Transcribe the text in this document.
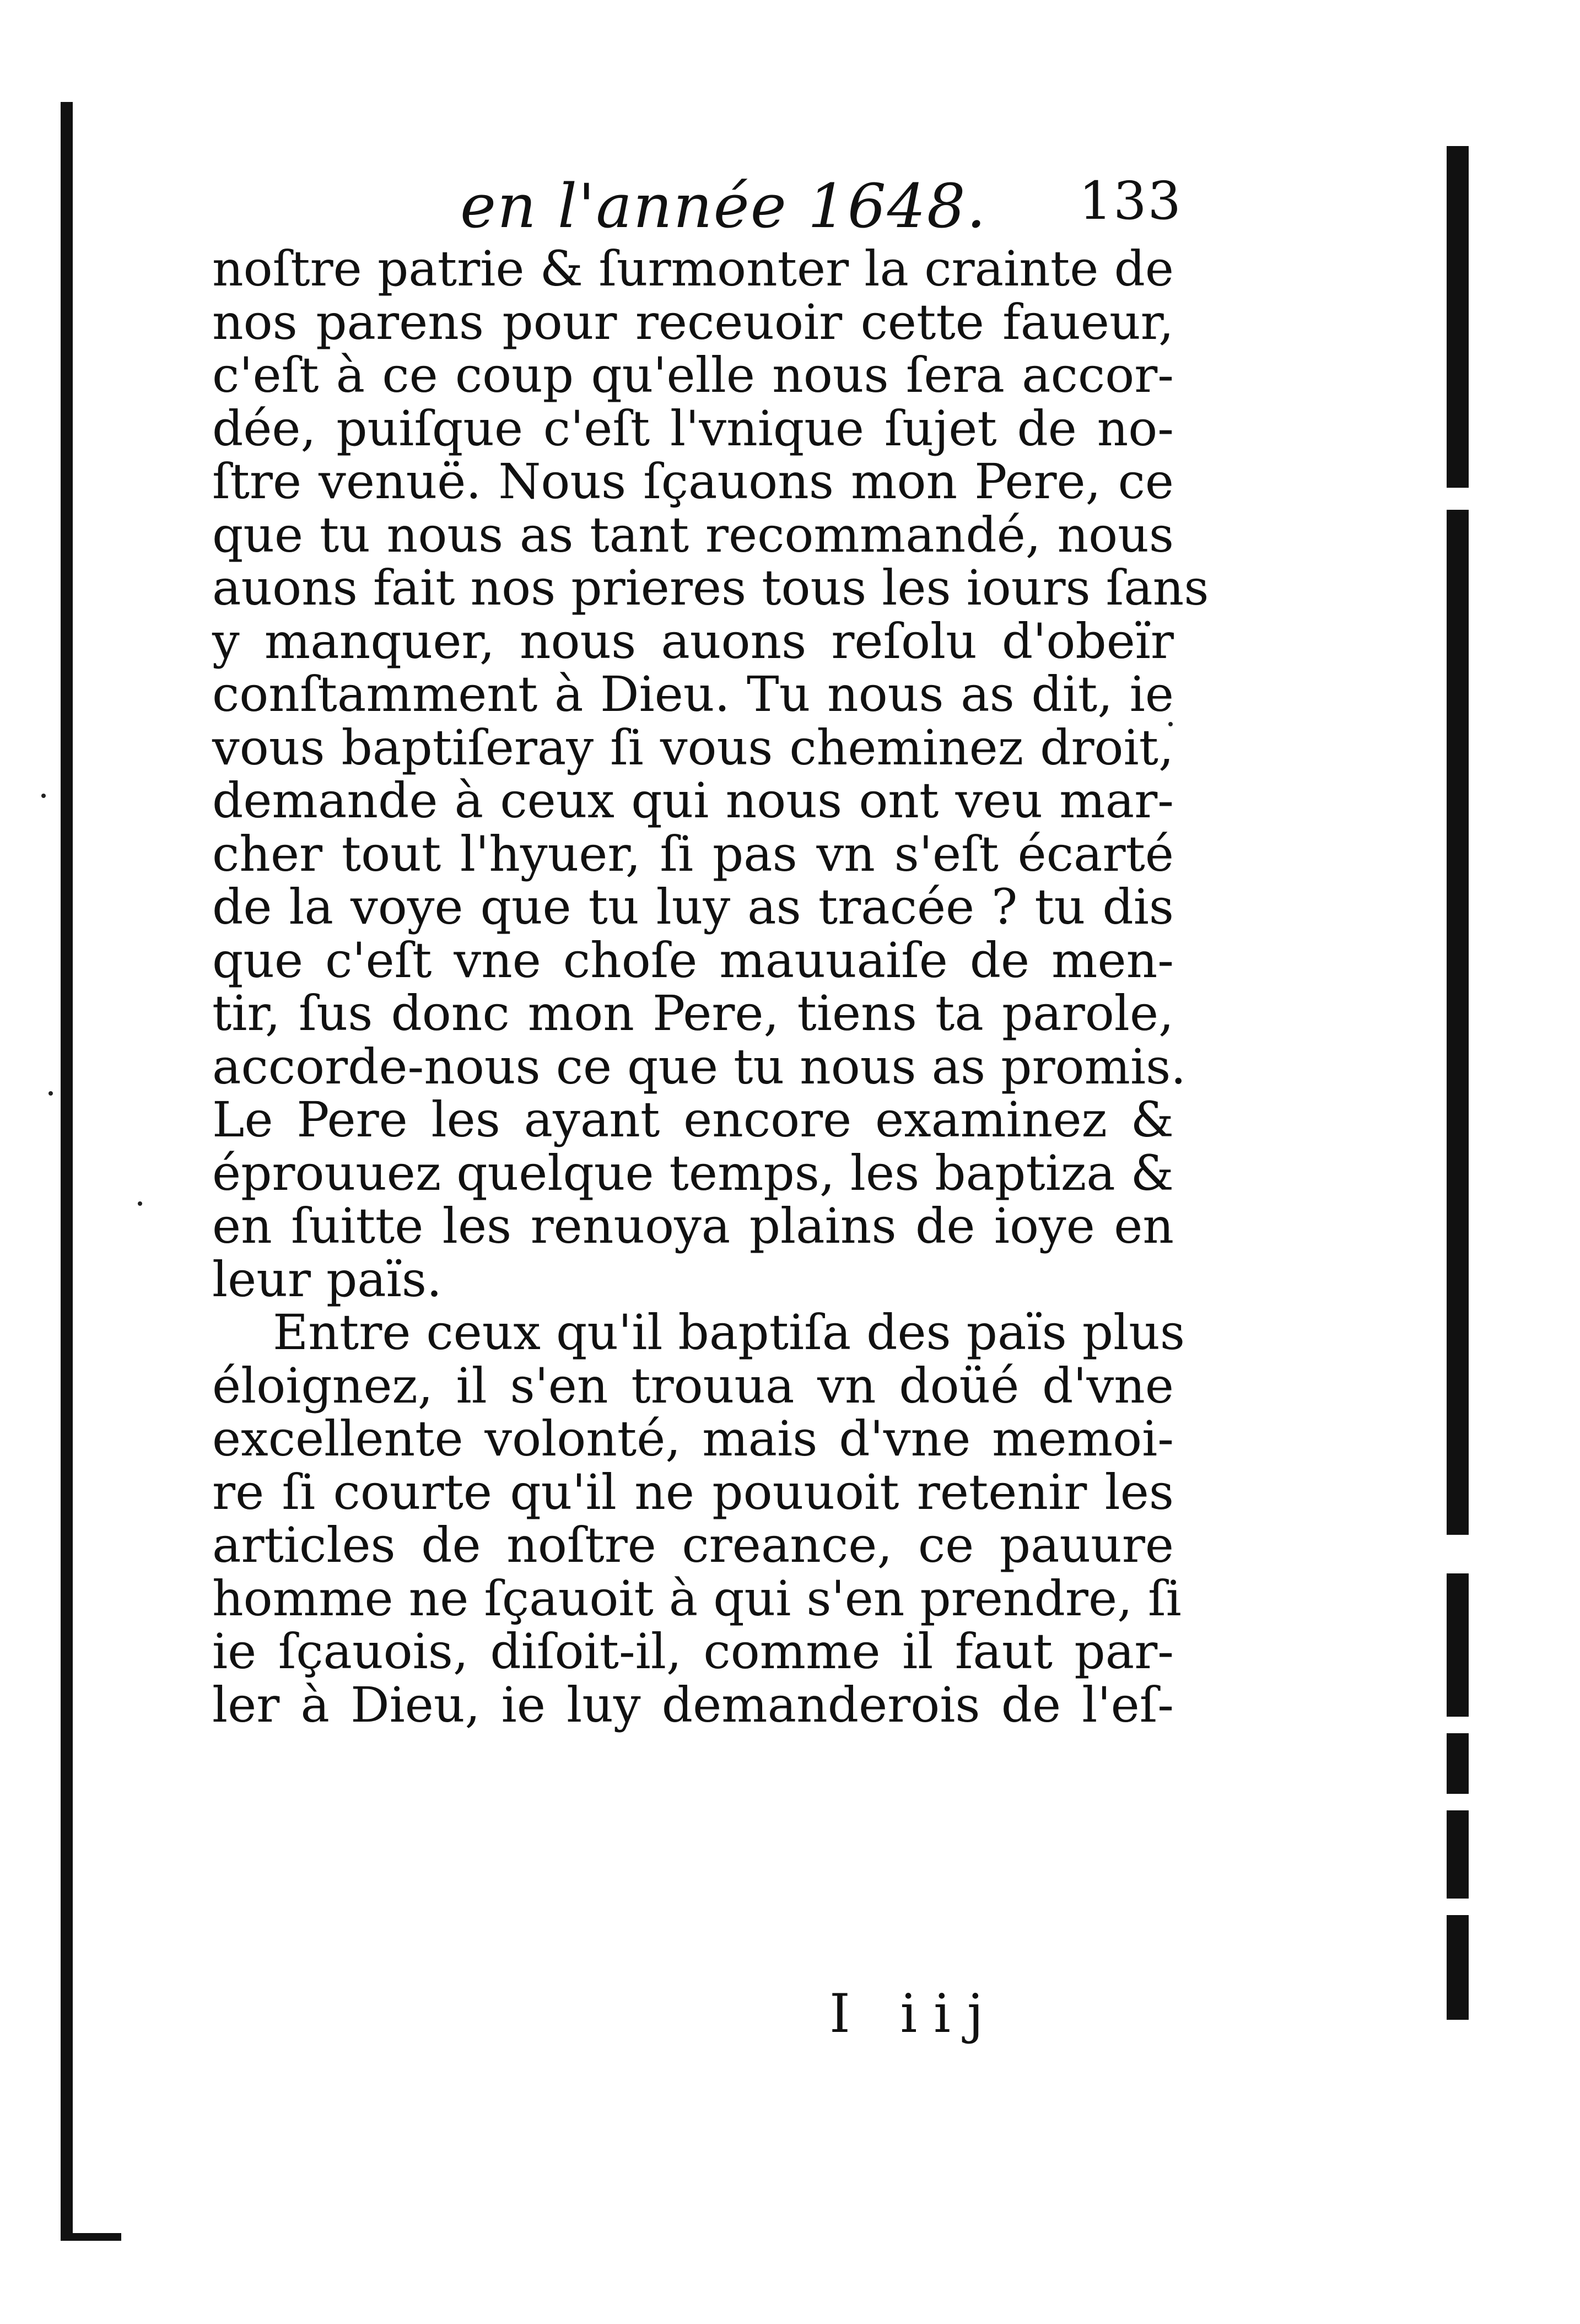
en l'année 1648. 133
noſtre patrie & ſurmonter la crainte de
nos parens pour receuoir cette faueur,
c'eſt à ce coup qu'elle nous ſera accor-
dée, puiſque c'eſt l'vnique ſujet de no-
ſtre venuë. Nous ſçauons mon Pere, ce
que tu nous as tant recommandé, nous
auons fait nos prieres tous les iours ſans
y manquer, nous auons reſolu d'obeïr
conſtamment à Dieu. Tu nous as dit, ie
vous baptiſeray ſi vous cheminez droit,
demande à ceux qui nous ont veu mar-
cher tout l'hyuer, ſi pas vn s'eſt écarté
de la voye que tu luy as tracée ? tu dis
que c'eſt vne choſe mauuaiſe de men-
tir, ſus donc mon Pere, tiens ta parole,
accorde-nous ce que tu nous as promis.
Le Pere les ayant encore examinez &
éprouuez quelque temps, les baptiza &
en ſuitte les renuoya plains de ioye en
leur païs.
Entre ceux qu'il baptiſa des païs plus
éloignez, il s'en trouua vn doüé d'vne
excellente volonté, mais d'vne memoi-
re ſi courte qu'il ne pouuoit retenir les
articles de noſtre creance, ce pauure
homme ne ſçauoit à qui s'en prendre, ſi
ie ſçauois, diſoit-il, comme il faut par-
ler à Dieu, ie luy demanderois de l'eſ-
I iij
